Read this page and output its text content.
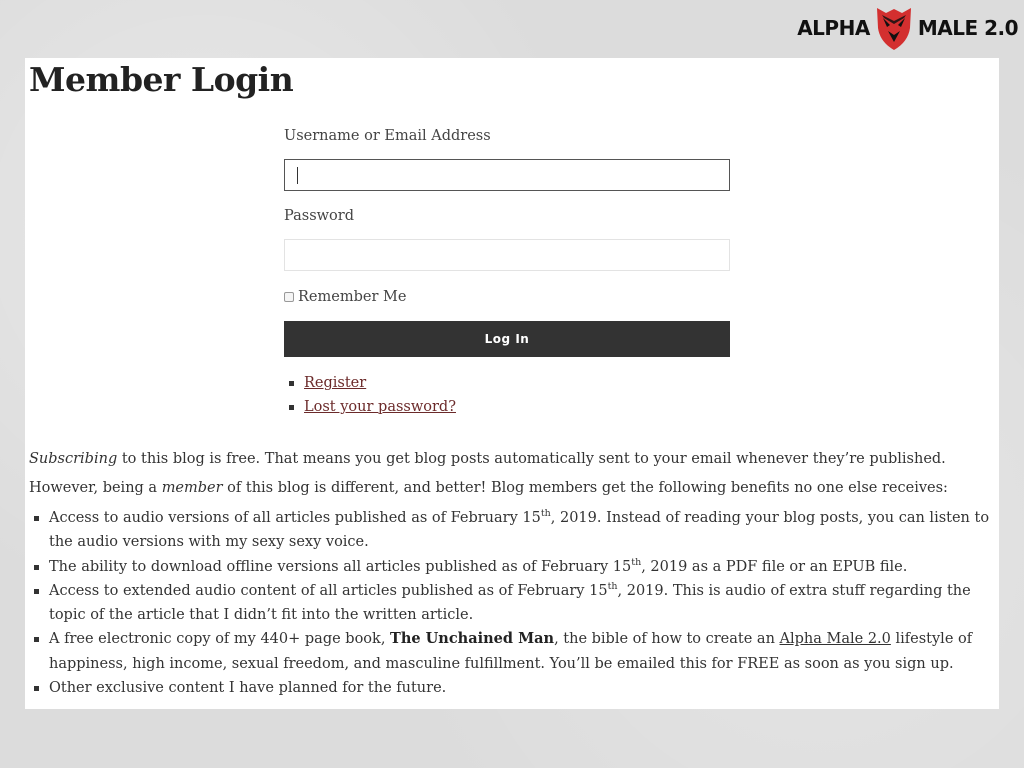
ALPHA MALE 2.0
Member Login
Username or Email Address
Password
Remember Me
Log In
Register
Lost your password?

Subscribing to this blog is free. That means you get blog posts automatically sent to your email whenever they’re published.

However, being a member of this blog is different, and better! Blog members get the following benefits no one else receives:

Access to audio versions of all articles published as of February 15th, 2019. Instead of reading your blog posts, you can listen to the audio versions with my sexy sexy voice.
The ability to download offline versions all articles published as of February 15th, 2019 as a PDF file or an EPUB file.
Access to extended audio content of all articles published as of February 15th, 2019. This is audio of extra stuff regarding the topic of the article that I didn’t fit into the written article.
A free electronic copy of my 440+ page book, The Unchained Man, the bible of how to create an Alpha Male 2.0 lifestyle of happiness, high income, sexual freedom, and masculine fulfillment. You’ll be emailed this for FREE as soon as you sign up.
Other exclusive content I have planned for the future.
